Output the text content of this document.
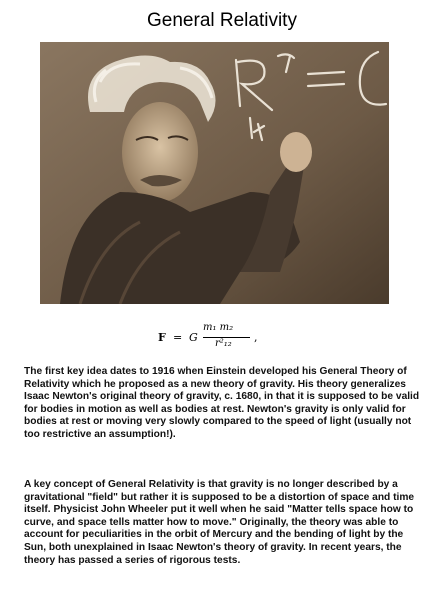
General Relativity
F = G
m₁ m₂
r²₁₂ ,

The first key idea dates to 1916 when Einstein developed his General Theory of Relativity which he proposed as a new theory of gravity. His theory generalizes Isaac Newton's original theory of gravity, c. 1680, in that it is supposed to be valid for bodies in motion as well as bodies at rest. Newton's gravity is only valid for bodies at rest or moving very slowly compared to the speed of light (usually not too restrictive an assumption!).

A key concept of General Relativity is that gravity is no longer described by a gravitational "field" but rather it is supposed to be a distortion of space and time itself. Physicist John Wheeler put it well when he said "Matter tells space how to curve, and space tells matter how to move." Originally, the theory was able to account for peculiarities in the orbit of Mercury and the bending of light by the Sun, both unexplained in Isaac Newton's theory of gravity. In recent years, the theory has passed a series of rigorous tests.
